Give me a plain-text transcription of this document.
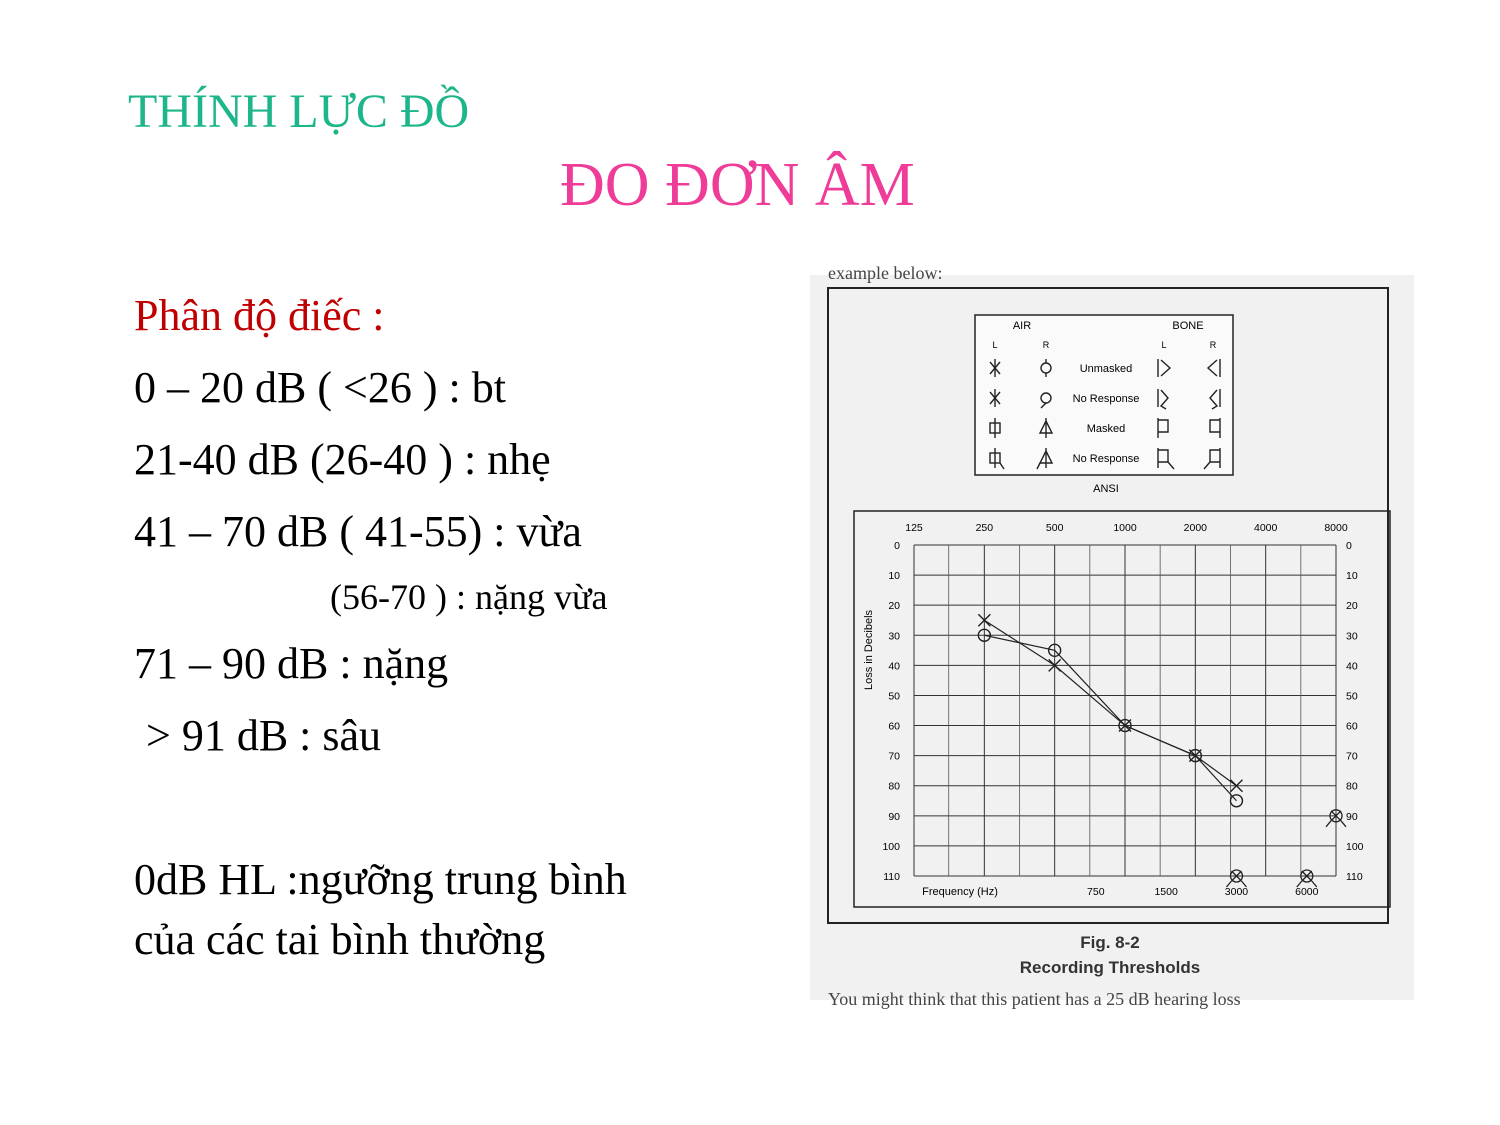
THÍNH LỰC ĐỒ
ĐO ĐƠN ÂM
Phân độ điếc :
0 – 20 dB ( <26 ) : bt
21-40 dB (26-40 ) : nhẹ
41 – 70 dB ( 41-55) : vừa
(56-70 ) : nặng vừa
71 – 90 dB : nặng
> 91 dB : sâu
0dB HL :ngưỡng trung bình
của các tai bình thường
example below:
AIR	BONE
L	R	L	R
Unmasked
No Response
Masked
No Response
ANSI
Loss in Decibels
Frequency (Hz)
0	0
10	10
20	20
30	30
40	40
50	50
60	60
70	70
80	80
90	90
100	100
110	110
125	250	500	1000	2000	4000	8000
750	1500	3000	6000
Fig. 8-2
Recording Thresholds
You might think that this patient has a 25 dB hearing loss
